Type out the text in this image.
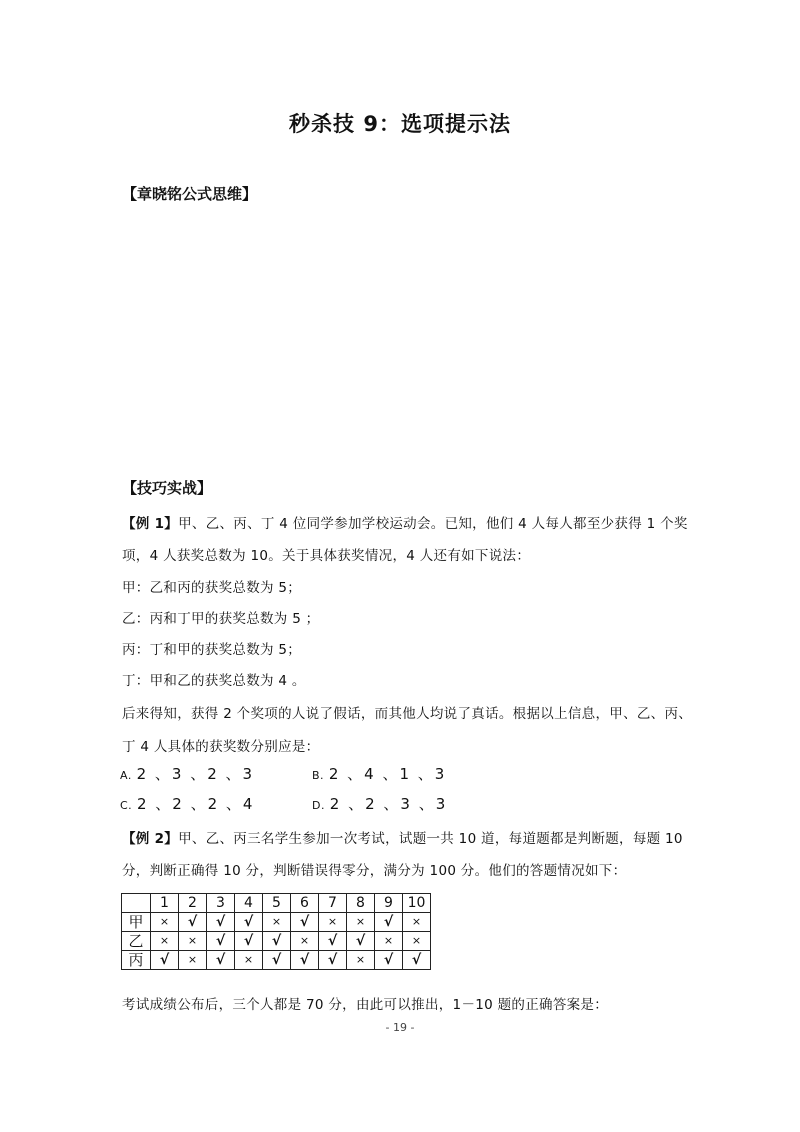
秒杀技 9：选项提示法
【章晓铭公式思维】
【技巧实战】
【例 1】甲、乙、丙、丁 4 位同学参加学校运动会。已知，他们 4 人每人都至少获得 1 个奖
项，4 人获奖总数为 10。关于具体获奖情况，4 人还有如下说法：
甲：乙和丙的获奖总数为 5；
乙：丙和丁甲的获奖总数为 5 ；
丙：丁和甲的获奖总数为 5；
丁：甲和乙的获奖总数为 4 。
后来得知，获得 2 个奖项的人说了假话，而其他人均说了真话。根据以上信息，甲、乙、丙、
丁 4 人具体的获奖数分别应是：
A. 2 、3 、2 、3	B. 2 、4 、1 、3
C. 2 、2 、2 、4	D. 2 、2 、3 、3
【例 2】甲、乙、丙三名学生参加一次考试，试题一共 10 道，每道题都是判断题，每题 10
分，判断正确得 10 分，判断错误得零分，满分为 100 分。他们的答题情况如下：
	1	2	3	4	5	6	7	8	9	10
甲	×	√	√	√	×	√	×	×	√	×
乙	×	×	√	√	√	×	√	√	×	×
丙	√	×	√	×	√	√	√	×	√	√
考试成绩公布后，三个人都是 70 分，由此可以推出，1－10 题的正确答案是：
- 19 -
